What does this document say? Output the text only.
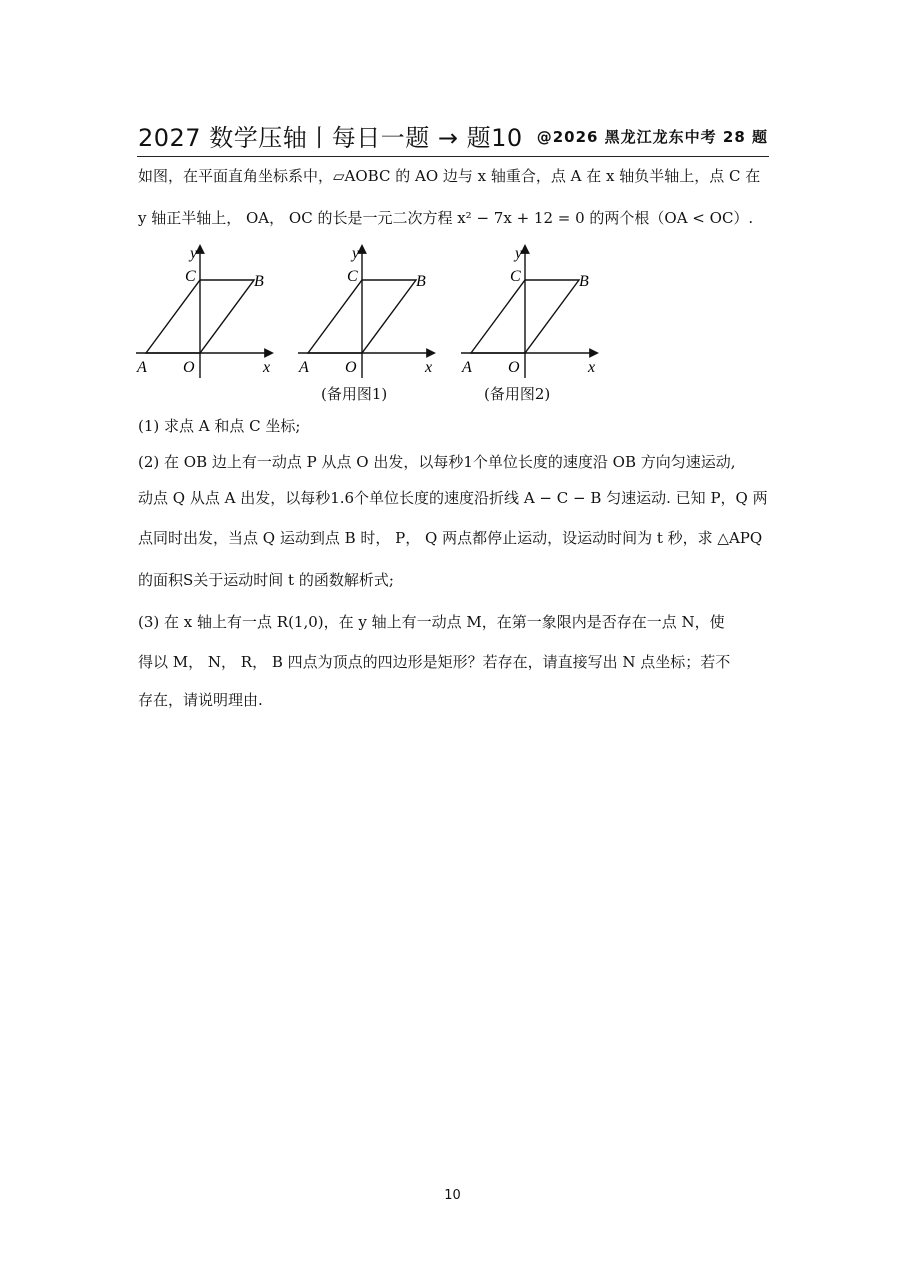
2027 数学压轴丨每日一题 → 题10 @2026 黑龙江龙东中考 28 题
如图，在平面直角坐标系中，▱AOBC 的 AO 边与 x 轴重合，点 A 在 x 轴负半轴上，点 C 在
y 轴正半轴上， OA， OC 的长是一元二次方程 x² − 7x + 12 = 0 的两个根（OA < OC）.
y
C	B
A O	x
y
C	B
A O	x
(备用图1)
y
C	B
A O	x
(备用图2)
(1) 求点 A 和点 C 坐标;
(2) 在 OB 边上有一动点 P 从点 O 出发，以每秒1个单位长度的速度沿 OB 方向匀速运动,
动点 Q 从点 A 出发，以每秒1.6个单位长度的速度沿折线 A − C − B 匀速运动. 已知 P，Q 两
点同时出发，当点 Q 运动到点 B 时， P， Q 两点都停止运动，设运动时间为 t 秒，求 △APQ
的面积S关于运动时间 t 的函数解析式;
(3) 在 x 轴上有一点 R(1,0)，在 y 轴上有一动点 M，在第一象限内是否存在一点 N，使
得以 M， N， R， B 四点为顶点的四边形是矩形？若存在，请直接写出 N 点坐标；若不
存在，请说明理由.
10
